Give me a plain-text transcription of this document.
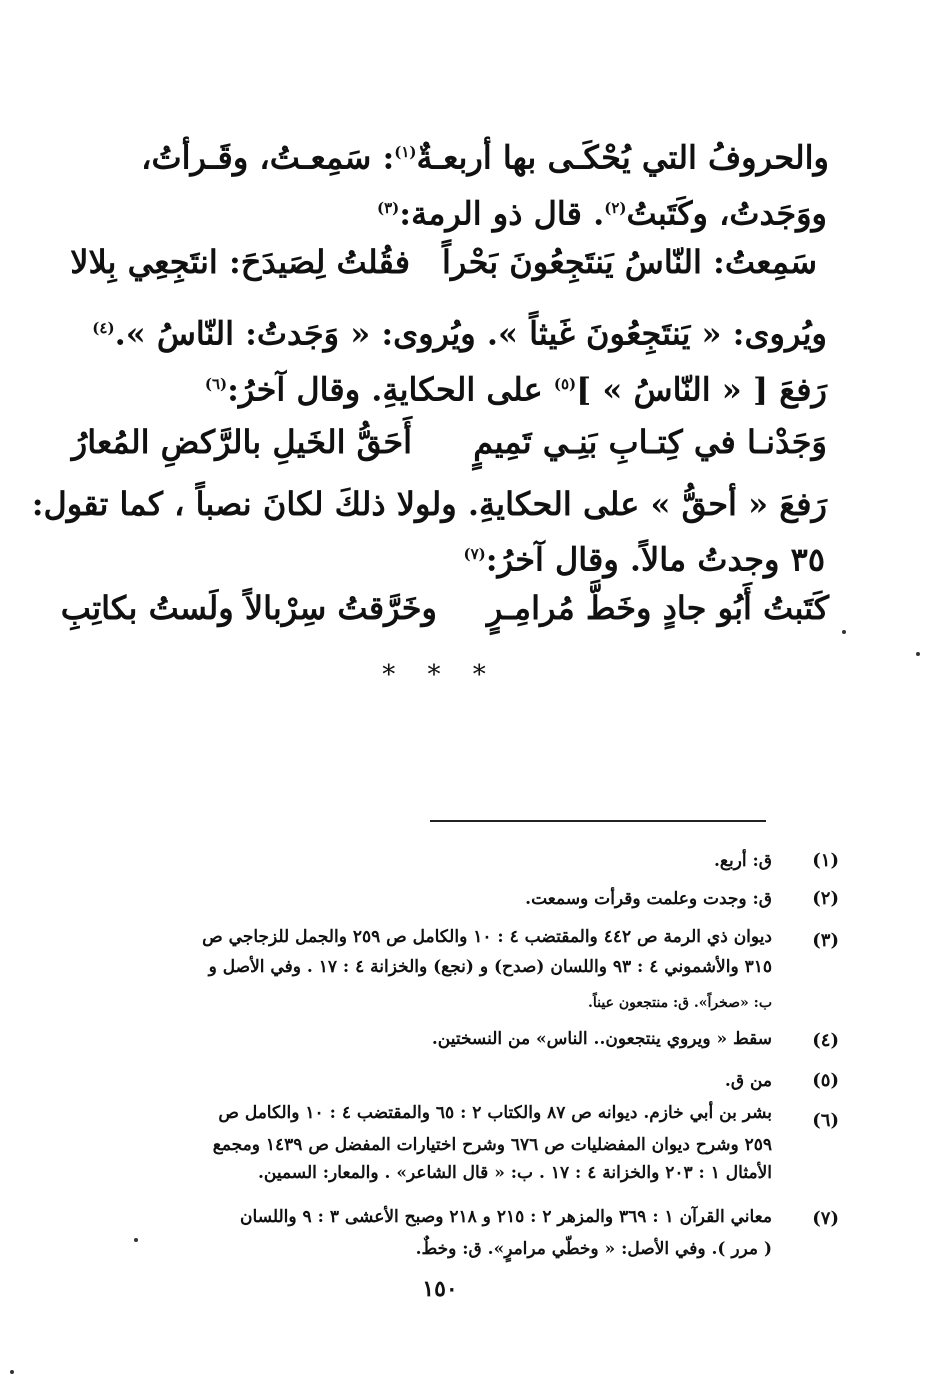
والحروفُ التي يُحْكَـى بها أربعـةٌ$^{(١)}$: سَمِعـتُ، وقَـرأتُ،
ووَجَدتُ، وكَتَبتُ$^{(٢)}$. قال ذو الرمة:$^{(٣)}$
سَمِعتُ: النّاسُ يَنتَجِعُونَ بَحْراً
فقُلتُ لِصَيدَحَ: انتَجِعِي بِلالا
ويُروى: « يَنتَجِعُونَ غَيثاً ». ويُروى: « وَجَدتُ: النّاسُ ».$^{(٤)}$
رَفعَ [ « النّاسُ » ]$^{(٥)}$ على الحكايةِ. وقال آخرُ:$^{(٦)}$
وَجَدْنـا في كِتـابِ بَنِـي تَمِيمٍ
أَحَقُّ الخَيلِ بالرَّكضِ المُعارُ
رَفعَ « أحقُّ » على الحكايةِ. ولولا ذلكَ لكانَ نصباً ، كما تقول:
٣٥ وجدتُ مالاً. وقال آخرُ:$^{(٧)}$
كَتَبتُ أَبُو جادٍ وخَطَّ مُرامِـرٍ
وخَرَّقتُ سِرْبالاً ولَستُ بكاتِبِ
* * *
(١)
ق: أربع.
(٢)
ق: وجدت وعلمت وقرأت وسمعت.
(٣)
ديوان ذي الرمة ص ٤٤٢ والمقتضب ٤ : ١٠ والكامل ص ٢٥٩ والجمل للزجاجي ص
٣١٥ والأشموني ٤ : ٩٣ واللسان (صدح) و (نجع) والخزانة ٤ : ١٧ . وفي الأصل و
ب: «صخراً». ق: منتجعون عيناً.
(٤)
سقط « ويروي ينتجعون.. الناس» من النسختين.
(٥)
من ق.
(٦)
بشر بن أبي خازم. ديوانه ص ٨٧ والكتاب ٢ : ٦٥ والمقتضب ٤ : ١٠ والكامل ص
٢٥٩ وشرح ديوان المفضليات ص ٦٧٦ وشرح اختيارات المفضل ص ١٤٣٩ ومجمع
الأمثال ١ : ٢٠٣ والخزانة ٤ : ١٧ . ب: « قال الشاعر» . والمعار: السمين.
(٧)
معاني القرآن ١ : ٣٦٩ والمزهر ٢ : ٢١٥ و ٢١٨ وصبح الأعشى ٣ : ٩ واللسان
( مرر ). وفي الأصل: « وخطّي مرامرٍ». ق: وخطٌ.
١٥٠
